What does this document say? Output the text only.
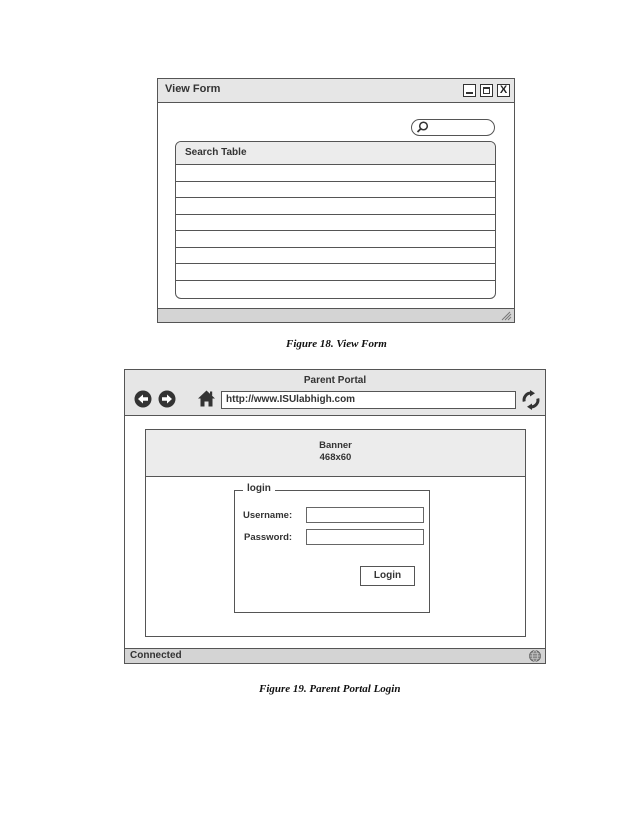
View Form	X
Search Table
Figure 18. View Form
Parent Portal
http://www.ISUlabhigh.com
Banner
468x60
login
Username:
Password:
Login
Connected
Figure 19. Parent Portal Login
